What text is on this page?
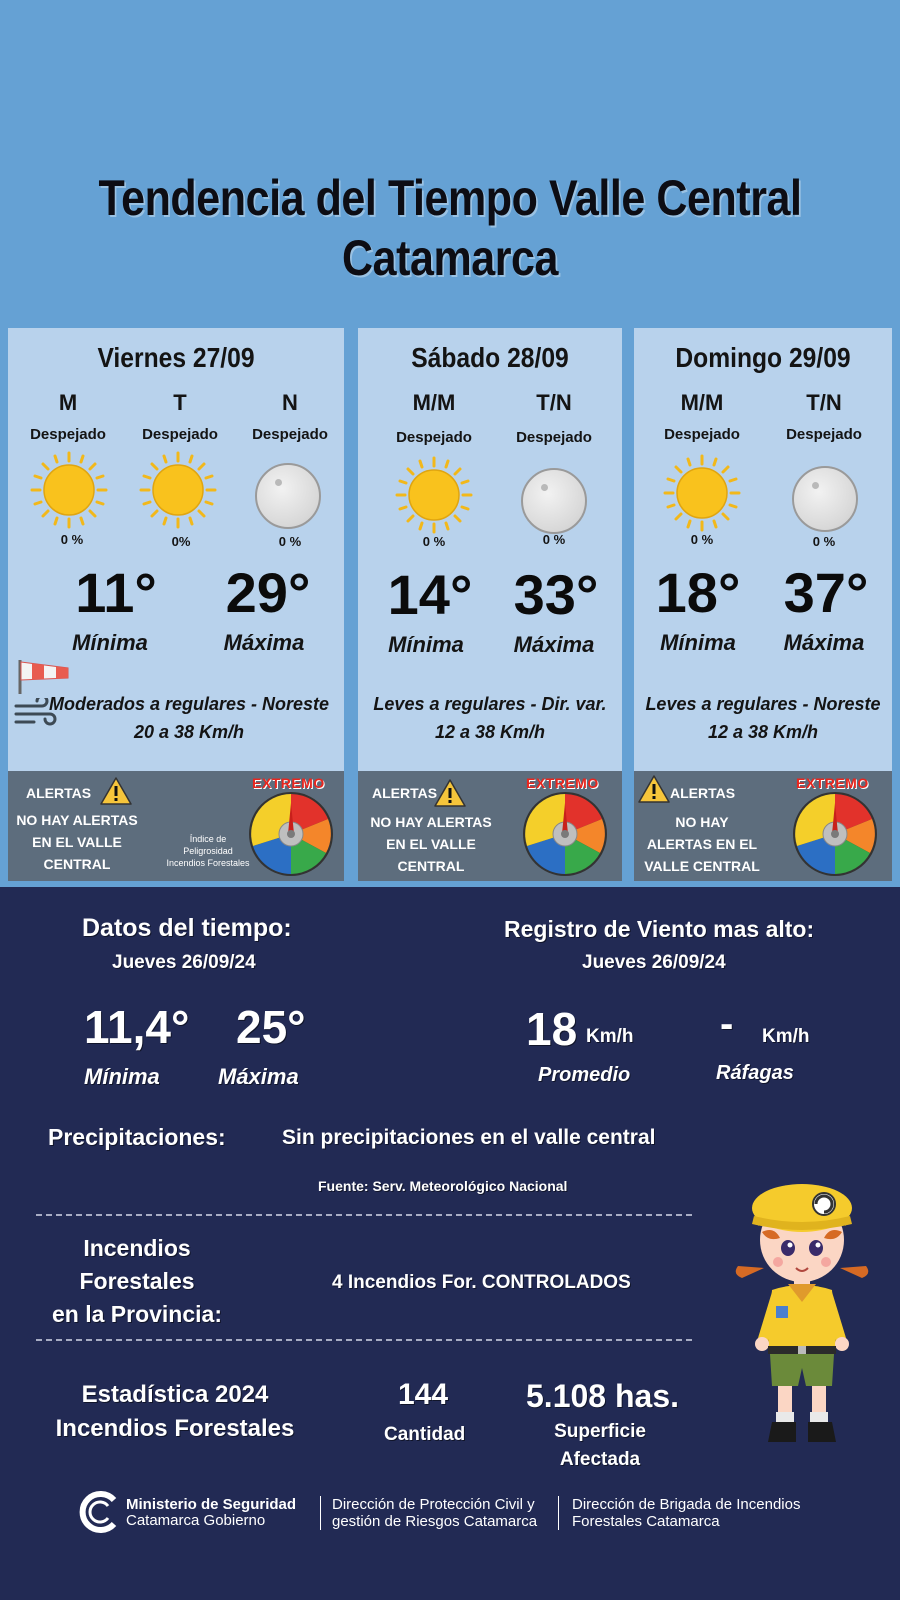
Tendencia del Tiempo Valle Central
Catamarca
Viernes 27/09
M	T	N
Despejado	Despejado	Despejado
0 %	0%	0 %
11°	29°
Mínima	Máxima
Moderados a regulares - Noreste
20 a 38 Km/h
ALERTAS
NO HAY ALERTAS
EN EL VALLE
CENTRAL
Índice de
Peligrosidad
Incendios Forestales
EXTREMO
Sábado 28/09
M/M	T/N
Despejado	Despejado
0 %	0 %
14° 33°
Mínima	Máxima
Leves a regulares - Dir. var.
12 a 38 Km/h
ALERTAS
NO HAY ALERTAS
EN EL VALLE
CENTRAL
EXTREMO
Domingo 29/09
M/M	T/N
Despejado	Despejado
0 %	0 %
18° 37°
Mínima	Máxima
Leves a regulares - Noreste
12 a 38 Km/h
ALERTAS
NO HAY
ALERTAS EN EL
VALLE CENTRAL
EXTREMO
Datos del tiempo:
Jueves 26/09/24
11,4° 25°
Mínima	Máxima
Registro de Viento mas alto:
Jueves 26/09/24
18 Km/h - Km/h
Promedio	Ráfagas
Precipitaciones:	Sin precipitaciones en el valle central
Fuente: Serv. Meteorológico Nacional
Incendios
Forestales
en la Provincia:
4 Incendios For. CONTROLADOS
Estadística 2024
Incendios Forestales
144
Cantidad
5.108 has.
Superficie
Afectada
Ministerio de Seguridad
Catamarca Gobierno
Dirección de Protección Civil y
gestión de Riesgos Catamarca
Dirección de Brigada de Incendios
Forestales Catamarca
